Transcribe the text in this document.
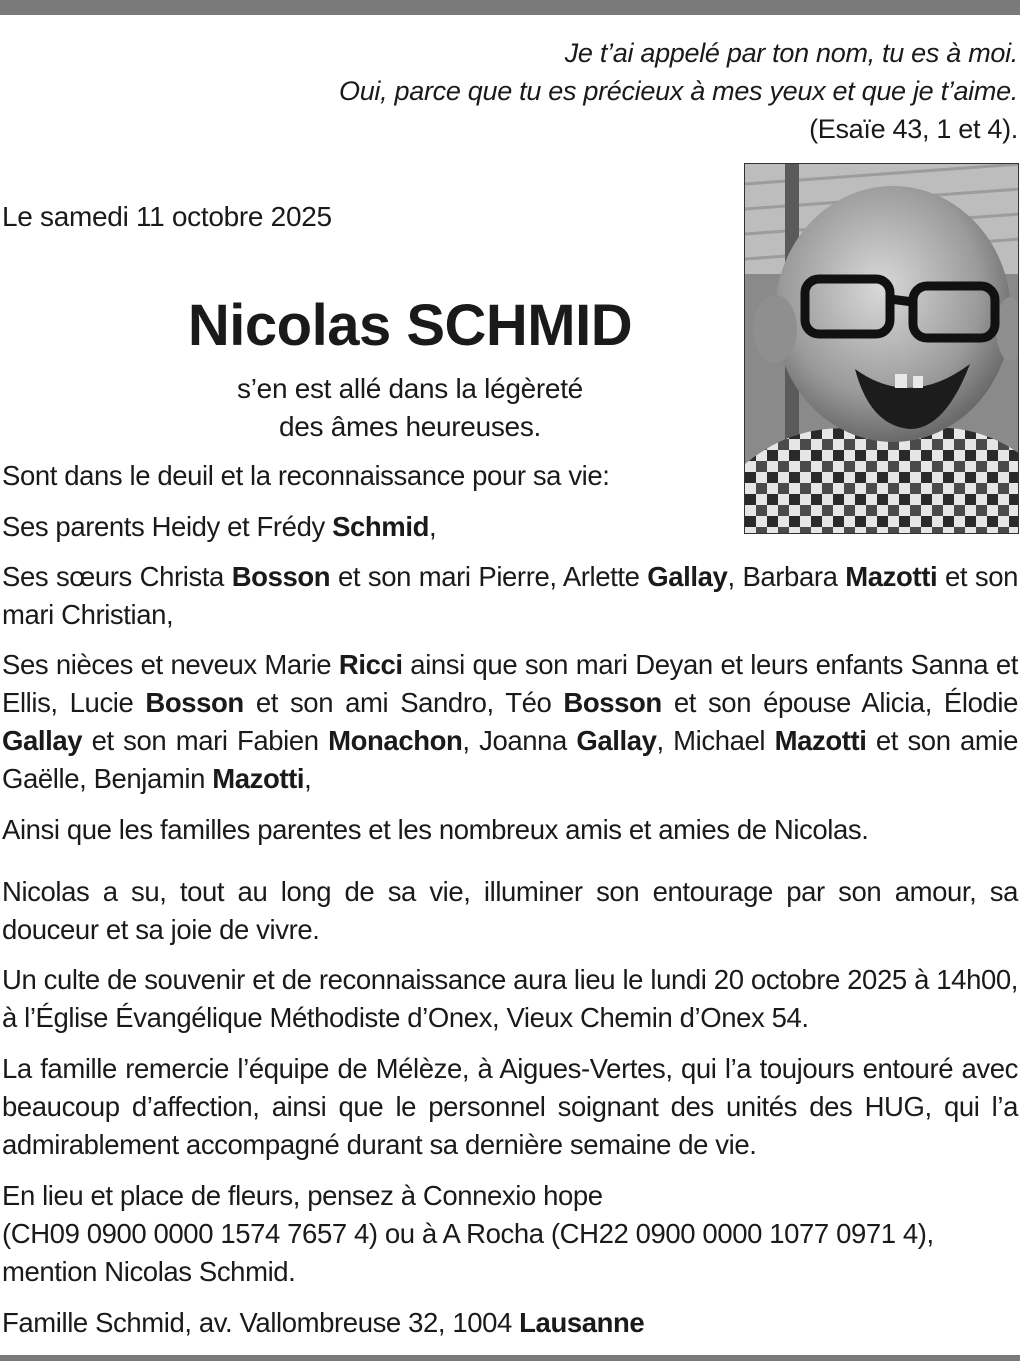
Je t’ai appelé par ton nom, tu es à moi.
Oui, parce que tu es précieux à mes yeux et que je t’aime.
(Esaïe 43, 1 et 4).
Le samedi 11 octobre 2025
Nicolas SCHMID
s’en est allé dans la légèreté
des âmes heureuses.
Sont dans le deuil et la reconnaissance pour sa vie:
Ses parents Heidy et Frédy Schmid,
Ses sœurs Christa Bosson et son mari Pierre, Arlette Gallay, Barbara Mazotti et son mari Christian,
Ses nièces et neveux Marie Ricci ainsi que son mari Deyan et leurs enfants Sanna et Ellis, Lucie Bosson et son ami Sandro, Téo Bosson et son épouse Alicia, Élodie Gallay et son mari Fabien Monachon, Joanna Gallay, Michael Mazotti et son amie Gaëlle, Benjamin Mazotti,
Ainsi que les familles parentes et les nombreux amis et amies de Nicolas.
Nicolas a su, tout au long de sa vie, illuminer son entourage par son amour, sa douceur et sa joie de vivre.
Un culte de souvenir et de reconnaissance aura lieu le lundi 20 octobre 2025 à 14h00, à l’Église Évangélique Méthodiste d’Onex, Vieux Chemin d’Onex 54.
La famille remercie l’équipe de Mélèze, à Aigues-Vertes, qui l’a toujours entouré avec beaucoup d’affection, ainsi que le personnel soignant des unités des HUG, qui l’a admirablement accompagné durant sa dernière semaine de vie.
En lieu et place de fleurs, pensez à Connexio hope
(CH09 0900 0000 1574 7657 4) ou à A Rocha (CH22 0900 0000 1077 0971 4),
mention Nicolas Schmid.
Famille Schmid, av. Vallombreuse 32, 1004 Lausanne
